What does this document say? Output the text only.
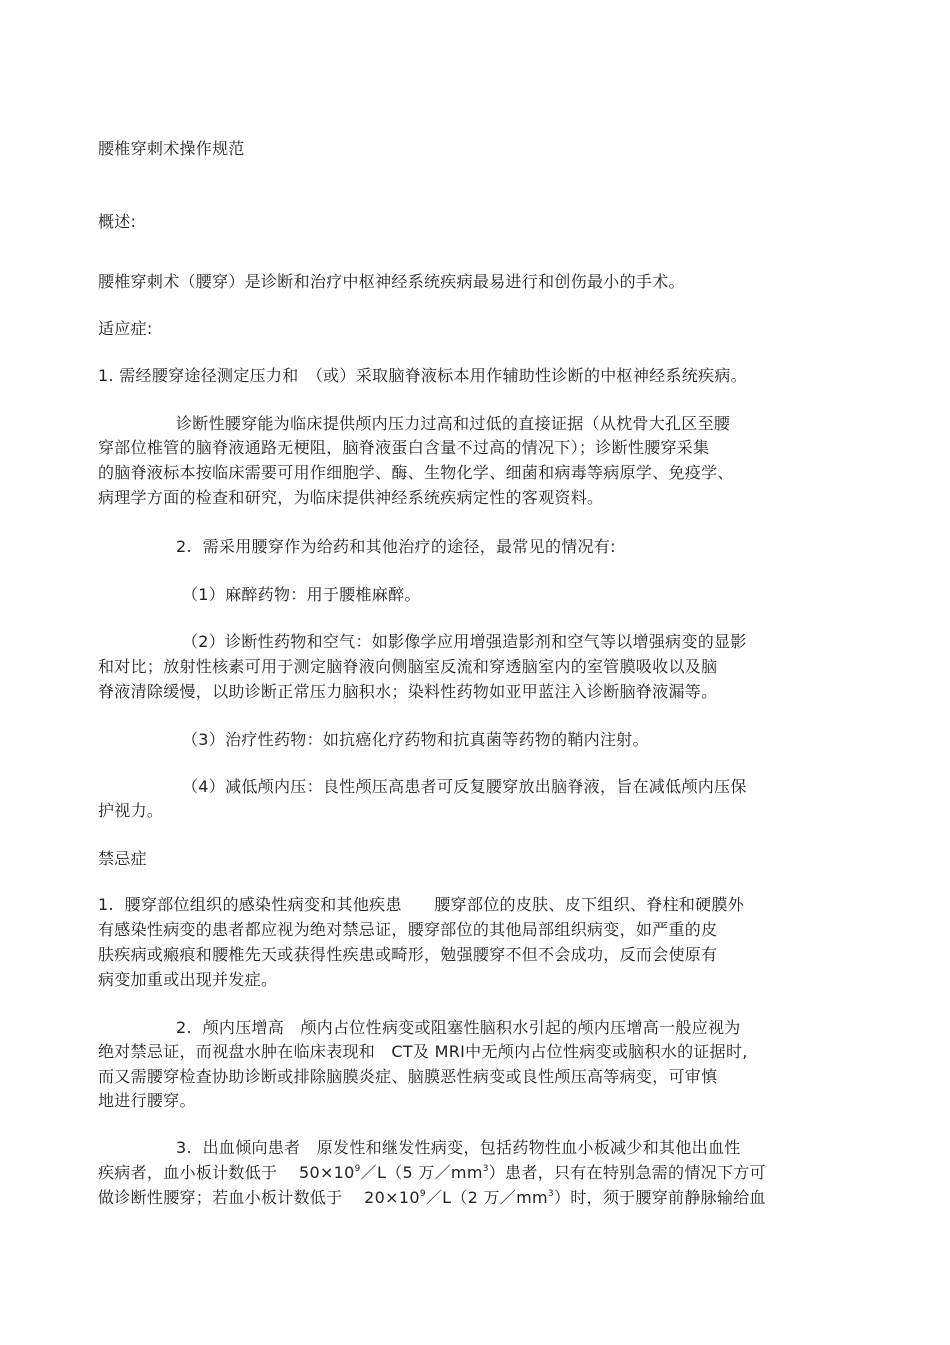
腰椎穿刺术操作规范
概述:
腰椎穿刺术（腰穿）是诊断和治疗中枢神经系统疾病最易进行和创伤最小的手术。
适应症:
1. 需经腰穿途径测定压力和　（或）采取脑脊液标本用作辅助性诊断的中枢神经系统疾病。
诊断性腰穿能为临床提供颅内压力过高和过低的直接证据（从枕骨大孔区至腰
穿部位椎管的脑脊液通路无梗阻，脑脊液蛋白含量不过高的情况下）；诊断性腰穿采集
的脑脊液标本按临床需要可用作细胞学、酶、生物化学、细菌和病毒等病原学、免疫学、
病理学方面的检查和研究，为临床提供神经系统疾病定性的客观资料。
2.  需采用腰穿作为给药和其他治疗的途径，最常见的情况有:
（1）麻醉药物：用于腰椎麻醉。
（2）诊断性药物和空气：如影像学应用增强造影剂和空气等以增强病变的显影
和对比；放射性核素可用于测定脑脊液向侧脑室反流和穿透脑室内的室管膜吸收以及脑
脊液清除缓慢，以助诊断正常压力脑积水；染料性药物如亚甲蓝注入诊断脑脊液漏等。
（3）治疗性药物：如抗癌化疗药物和抗真菌等药物的鞘内注射。
（4）减低颅内压：良性颅压高患者可反复腰穿放出脑脊液，旨在减低颅内压保
护视力。
禁忌症
1.  腰穿部位组织的感染性病变和其他疾患　　腰穿部位的皮肤、皮下组织、脊柱和硬膜外
有感染性病变的患者都应视为绝对禁忌证，腰穿部位的其他局部组织病变，如严重的皮
肤疾病或瘢痕和腰椎先天或获得性疾患或畸形，勉强腰穿不但不会成功，反而会使原有
病变加重或出现并发症。
2.  颅内压增高　颅内占位性病变或阻塞性脑积水引起的颅内压增高一般应视为
绝对禁忌证，而视盘水肿在临床表现和　CT及 MRI中无颅内占位性病变或脑积水的证据时,
而又需腰穿检查协助诊断或排除脑膜炎症、脑膜恶性病变或良性颅压高等病变，可审慎
地进行腰穿。
3.  出血倾向患者　原发性和继发性病变，包括药物性血小板减少和其他出血性
疾病者，血小板计数低于　 $50\times 10^9/L(5$ 万$/mm^3$）患者，只有在特别急需的情况下方可
做诊断性腰穿；若血小板计数低于　 $20\times 10^9/L(2$ 万$/mm^3$）时，须于腰穿前静脉输给血
